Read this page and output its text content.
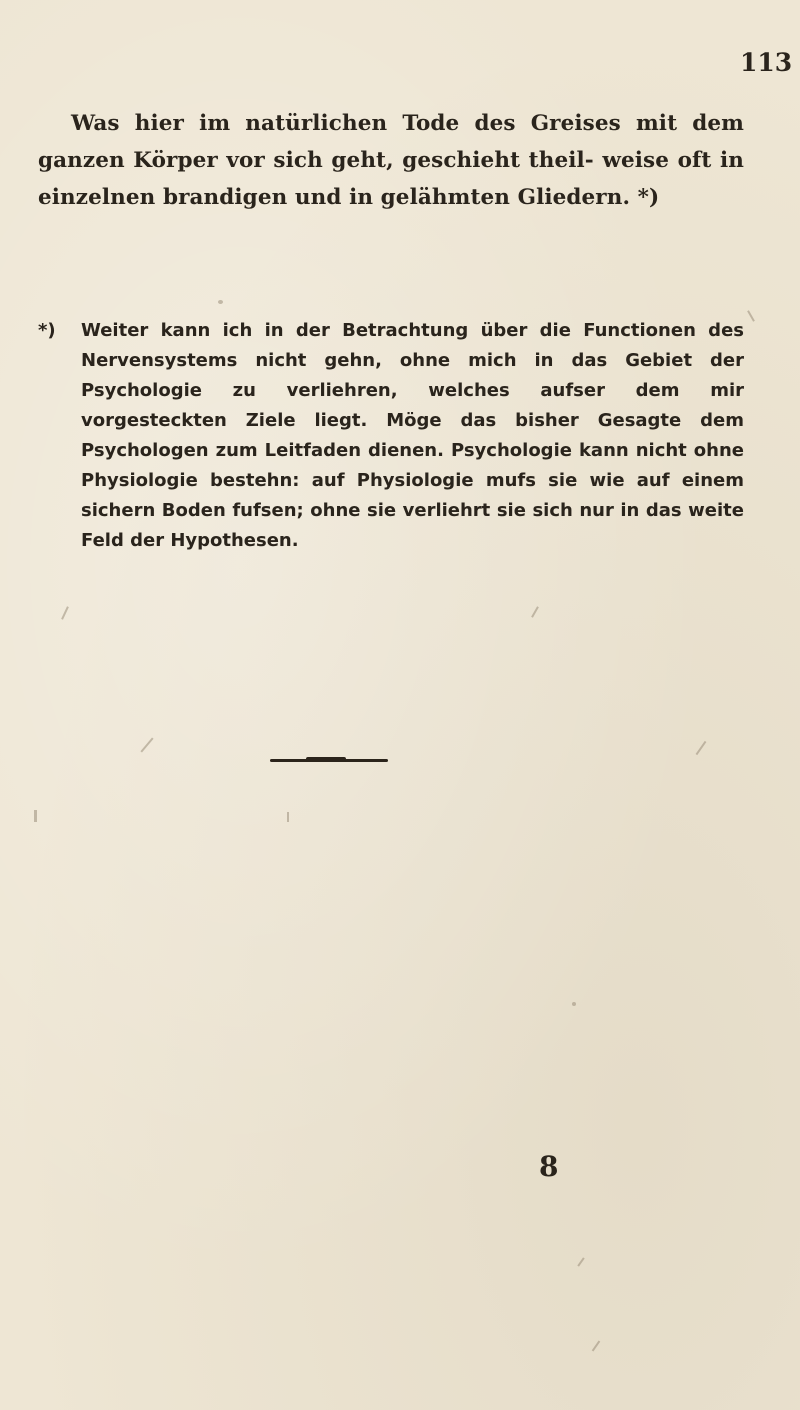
113

Was hier im natürlichen Tode des Greises mit dem ganzen Körper vor sich geht, geschieht theil- weise oft in einzelnen brandigen und in gelähmten Gliedern. *)

*) Weiter kann ich in der Betrachtung über die Functionen des Nervensystems nicht gehn, ohne mich in das Gebiet der Psychologie zu verliehren, welches aufser dem mir vorgesteckten Ziele liegt. Möge das bisher Gesagte dem Psychologen zum Leitfaden dienen. Psychologie kann nicht ohne Physiologie bestehn: auf Physiologie mufs sie wie auf einem sichern Boden fufsen; ohne sie verliehrt sie sich nur in das weite Feld der Hypothesen.
8
